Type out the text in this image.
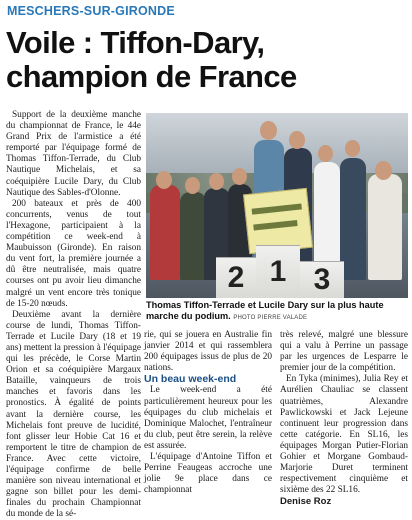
MESCHERS-SUR-GIRONDE
Voile : Tiffon-Dary,
champion de France

Support de la deuxième manche du championnat de France, le 44e Grand Prix de l'armistice a été remporté par l'équipage formé de Thomas Tiffon-Terrade, du Club Nautique Michelais, et sa coéquipière Lucile Dary, du Club Nautique des Sables-d'Olonne.

200 bateaux et près de 400 concurrents, venus de tout l'Hexagone, participaient à la compétition ce week-end à Maubuisson (Gironde). En raison du vent fort, la première journée a dû être neutralisée, mais quatre courses ont pu avoir lieu dimanche malgré un vent encore très tonique de 15-20 nœuds.

Deuxième avant la dernière course de lundi, Thomas Tiffon-Terrade et Lucile Dary (18 et 19 ans) mettent la pression à l'équipage qui les précède, le Corse Martin Orion et sa coéquipière Margaux Bataille, vainqueurs de trois manches et favoris dans les pronostics. À égalité de points avant la dernière course, les Michelais font preuve de lucidité, font glisser leur Hobie Cat 16 et remportent le titre de champion de France. Avec cette victoire, l'équipage confirme de belle manière son niveau international et gagne son billet pour les demi-finales du prochain Championnat du monde de la sé-

2 1 3
Thomas Tiffon-Terrade et Lucile Dary sur la plus haute marche du podium. PHOTO PIERRE VALADE

rie, qui se jouera en Australie fin janvier 2014 et qui rassemblera 200 équipages issus de plus de 20 nations.

Un beau week-end

Le week-end a été particulièrement heureux pour les équipages du club michelais et Dominique Malochet, l'entraîneur du club, peut être serein, la relève est assurée.

L'équipage d'Antoine Tiffon et Perrine Feaugeas accroche une jolie 9e place dans ce championnat

très relevé, malgré une blessure qui a valu à Perrine un passage par les urgences de Lesparre le premier jour de la compétition.

En Tyka (minimes), Julia Rey et Aurélien Chauliac se classent quatrièmes, Alexandre Pawlickowski et Jack Lejeune continuent leur progression dans cette catégorie. En SL16, les équipages Morgan Putier-Florian Gohier et Morgane Gombaud-Marjorie Duret terminent respectivement cinquième et sixième des 22 SL16.

Denise Roz
